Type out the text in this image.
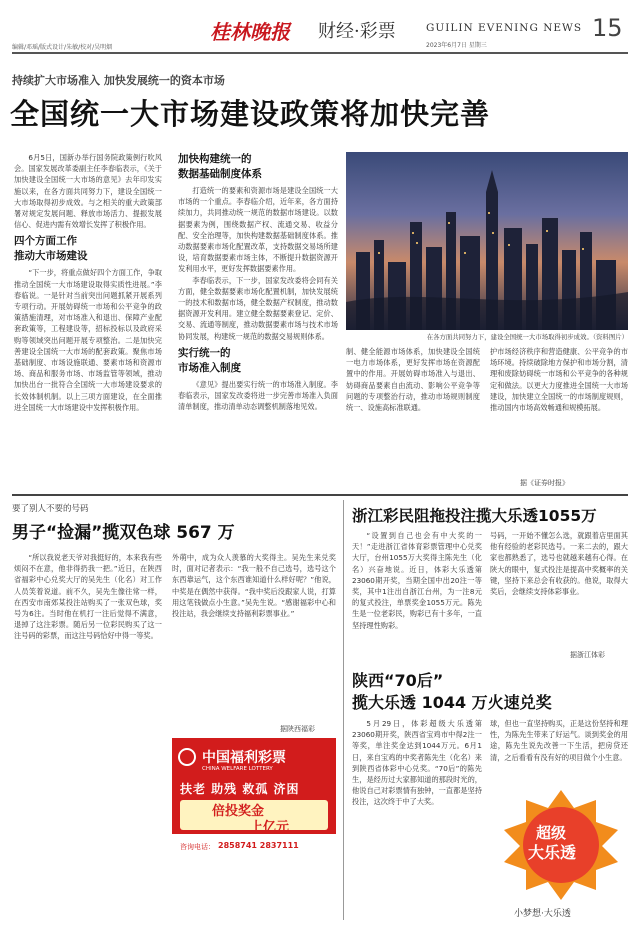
编辑/邓瑶/版式设计/朱敏/校对/吴明烟
桂林晚报 财经·彩票	GUILIN EVENING NEWS
2023年6月7日 星期三
15
持续扩大市场准入 加快发展统一的资本市场
全国统一大市场建设政策将加快完善

6月5日，国新办举行国务院政策例行吹风会。国家发展改革委副主任李春临表示，《关于加快建设全国统一大市场的意见》去年印发实施以来，在各方面共同努力下，建设全国统一大市场取得初步成效。与之相关的重大政策部署对规定发展问题、释放市场活力、提振发展信心、促进内需有效增长发挥了积极作用。

四个方面工作
推动大市场建设

“下一步，将重点做好四个方面工作，争取推动全国统一大市场建设取得实质性进展。”李春临说。一是针对当前突出问题抓紧开展系列专项行动。开展妨碍统一市场和公平竞争的政策措施清理，对市场准入和退出、保障产业配套政策等，工程建设等，招标投标以及政府采购等领域突出问题开展专项整治。二是加快完善建设全国统一大市场的配套政策。聚焦市场基础制度、市场设施联通、要素市场和资源市场、商品和服务市场、市场监管等领域，推动加快出台一批符合全国统一大市场建设要求的长效体制机制。以上三项方面建设，在全面推进全国统一大市场建设中发挥积极作用。

加快构建统一的
数据基础制度体系

打造统一的要素和资源市场是建设全国统一大市场的一个重点。李春临介绍，近年来，各方面持续加力，共同推动统一规范的数据市场建设。以数据要素为例，围绕数据产权、流通交易、收益分配、安全治理等，加快构建数据基础制度体系。推动数据要素市场化配置改革，支持数据交易场所建设，培育数据要素市场主体，不断提升数据资源开发利用水平，更好发挥数据要素作用。

李春临表示，下一步，国家发改委将会同有关方面，健全数据要素市场化配置机制，加快发展统一的技术和数据市场，健全数据产权制度，推动数据资源开发利用。建立健全数据要素登记、定价、交易、流通等制度，推动数据要素市场与技术市场协同发展，构建统一规范的数据交易规则体系。

实行统一的
市场准入制度

《意见》提出要实行统一的市场准入制度。李春临表示，国家发改委将进一步完善市场准入负面清单制度，推动清单动态调整机制落地见效。

在各方面共同努力下，建设全国统一大市场取得初步成效。（资料图片）

制、健全能源市场体系，加快建设全国统一电力市场体系，更好发挥市场在资源配置中的作用。开展妨碍市场准入与退出、妨碍商品要素自由流动、影响公平竞争等问题的专项整治行动，推动市场规则制度统一、设施高标准联通。

护市场经济秩序和营造健康、公平竞争的市场环境。持续破除地方保护和市场分割，清理和废除妨碍统一市场和公平竞争的各种规定和做法。以更大力度推进全国统一大市场建设，加快建立全国统一的市场制度规则，推动国内市场高效畅通和规模拓展。

据《证券时报》
要了别人不要的号码
男子“捡漏”揽双色球 567 万

“所以我说老天爷对我挺好的，本来我有些烦闷不在意，他非得扔我一把。”近日，在陕西省福彩中心兑奖大厅的吴先生（化名）对工作人员笑着说道。前不久，吴先生像往常一样，在西安市南郊某投注站购买了一张双色球，奖号为6注。当时他在机打一注后觉得不满意，退掉了这注彩票。随后另一位彩民购买了这一注号码的彩票，而这注号码恰好中得一等奖。

外萌中，成为众人羡慕的大奖得主。吴先生来兑奖时，面对记者表示：“我一般不自己选号，选号这个东西靠运气，这个东西谁知道什么样好呢？”他说，中奖是在偶然中获得。“我中奖后没跟家人说，打算用这笔钱做点小生意。”吴先生说。“感谢福彩中心和投注站，我会继续支持福利彩票事业。”

据陕西福彩
中国福利彩票
CHINA WELFARE LOTTERY
扶老 助残 救孤 济困
倍投奖金
上亿元
咨询电话： 2858741 2837111
浙江彩民阻拖投注揽大乐透1055万

“设置到自己也会有中大奖的一天！”走进浙江省体育彩票管理中心兑奖大厅，台州1055万大奖得主陈先生（化名）兴奋地说。近日，体彩大乐透第23060期开奖，当期全国中出20注一等奖，其中1注出自浙江台州，为一注8元的复式投注，单票奖金1055万元。陈先生是一位老彩民，购彩已有十多年，一直坚持理性购彩。

号码，一开始不懂怎么选，就跟着店里面其他有经验的老彩民选号。一来二去的，跟大家也都熟悉了，选号也就越来越有心得。在陕大的眼中，复式投注是提高中奖概率的关键，坚持下来总会有收获的。他说，取得大奖后，会继续支持体彩事业。

据浙江体彩
陕西“70后”
揽大乐透 1044 万火速兑奖

5月29日，体彩超级大乐透第23060期开奖，陕西省宝鸡市中得2注一等奖，单注奖金达到1044万元。6月1日，来自宝鸡的中奖者陈先生（化名）来到陕西省体彩中心兑奖。“70后”的陈先生，是经历过大家都知道的那段时光的，他说自己对彩票情有独钟，一直都是坚持投注，这次终于中了大奖。

球，但也一直坚持购买，正是这份坚持和理性，为陈先生带来了好运气。谈到奖金的用途，陈先生说先改善一下生活，把房贷还清，之后看看有没有好的项目做个小生意。

超级
大乐透
小梦想·大乐透
